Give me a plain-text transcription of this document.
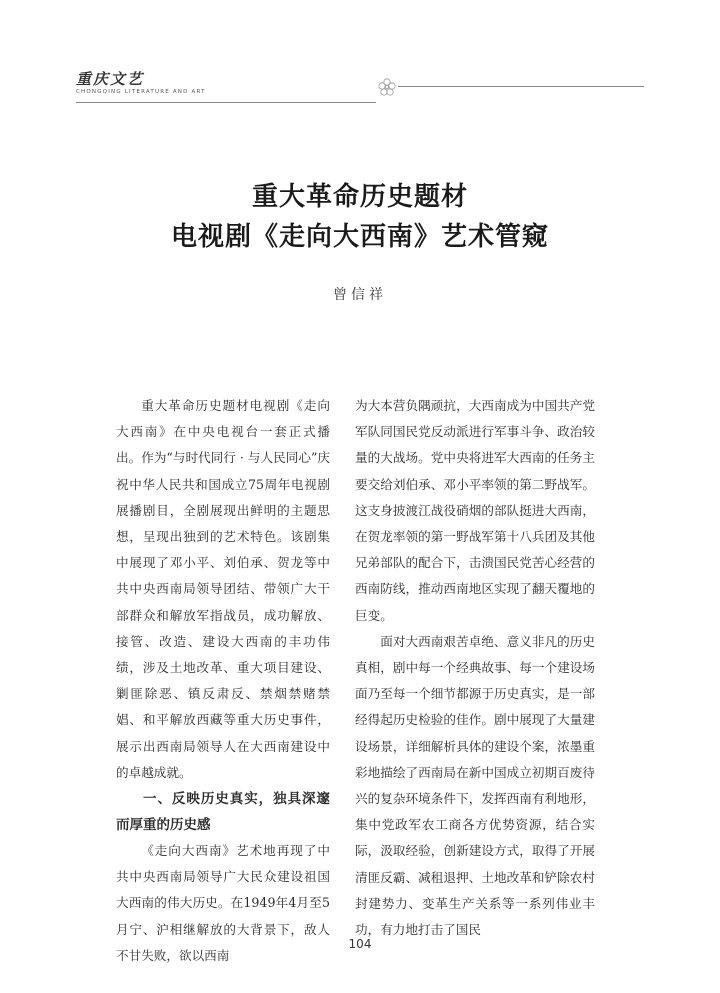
重庆文艺
CHONGQING LITERATURE AND ART
重大革命历史题材
电视剧《走向大西南》艺术管窥
曾信祥

重大革命历史题材电视剧《走向大西南》在中央电视台一套正式播出。作为“与时代同行 · 与人民同心”庆祝中华人民共和国成立75周年电视剧展播剧目，全剧展现出鲜明的主题思想，呈现出独到的艺术特色。该剧集中展现了邓小平、刘伯承、贺龙等中共中央西南局领导团结、带领广大干部群众和解放军指战员，成功解放、接管、改造、建设大西南的丰功伟绩，涉及土地改革、重大项目建设、剿匪除恶、镇反肃反、禁烟禁赌禁娼、和平解放西藏等重大历史事件，展示出西南局领导人在大西南建设中的卓越成就。

一、反映历史真实，独具深邃而厚重的历史感

《走向大西南》艺术地再现了中共中央西南局领导广大民众建设祖国大西南的伟大历史。在1949年4月至5月宁、沪相继解放的大背景下，敌人不甘失败，欲以西南

为大本营负隅顽抗，大西南成为中国共产党军队同国民党反动派进行军事斗争、政治较量的大战场。党中央将进军大西南的任务主要交给刘伯承、邓小平率领的第二野战军。这支身披渡江战役硝烟的部队挺进大西南，在贺龙率领的第一野战军第十八兵团及其他兄弟部队的配合下，击溃国民党苦心经营的西南防线，推动西南地区实现了翻天覆地的巨变。

面对大西南艰苦卓绝、意义非凡的历史真相，剧中每一个经典故事、每一个建设场面乃至每一个细节都源于历史真实，是一部经得起历史检验的佳作。剧中展现了大量建设场景，详细解析具体的建设个案，浓墨重彩地描绘了西南局在新中国成立初期百废待兴的复杂环境条件下，发挥西南有利地形，集中党政军农工商各方优势资源，结合实际，汲取经验，创新建设方式，取得了开展清匪反霸、减租退押、土地改革和铲除农村封建势力、变革生产关系等一系列伟业丰功，有力地打击了国民

104
